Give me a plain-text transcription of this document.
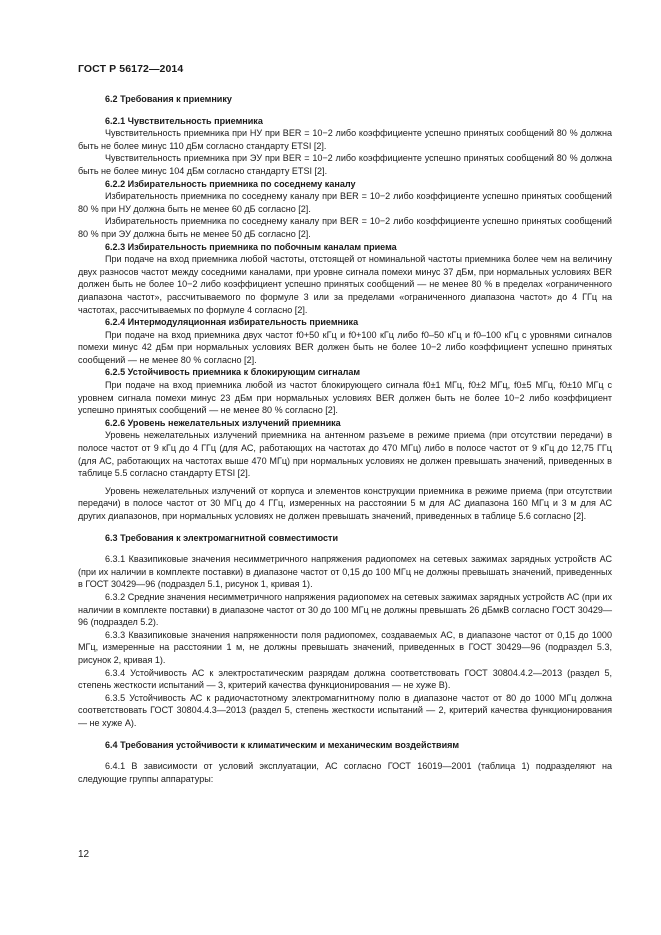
ГОСТ Р 56172—2014
6.2 Требования к приемнику
6.2.1 Чувствительность приемника

Чувствительность приемника при НУ при BER = 10−2 либо коэффициенте успешно принятых сообщений 80 % должна быть не более минус 110 дБм согласно стандарту ETSI [2].

Чувствительность приемника при ЭУ при BER = 10−2 либо коэффициенте успешно принятых сообщений 80 % должна быть не более минус 104 дБм согласно стандарту ETSI [2].

6.2.2 Избирательность приемника по соседнему каналу

Избирательность приемника по соседнему каналу при BER = 10−2 либо коэффициенте успешно принятых сообщений 80 % при НУ должна быть не менее 60 дБ согласно [2].

Избирательность приемника по соседнему каналу при BER = 10−2 либо коэффициенте успешно принятых сообщений 80 % при ЭУ должна быть не менее 50 дБ согласно [2].

6.2.3 Избирательность приемника по побочным каналам приема

При подаче на вход приемника любой частоты, отстоящей от номинальной частоты приемника более чем на величину двух разносов частот между соседними каналами, при уровне сигнала помехи минус 37 дБм, при нормальных условиях BER должен быть не более 10−2 либо коэффициент успешно принятых сообщений — не менее 80 % в пределах «ограниченного диапазона частот», рассчитываемого по формуле 3 или за пределами «ограниченного диапазона частот» до 4 ГГц на частотах, рассчитываемых по формуле 4 согласно [2].

6.2.4 Интермодуляционная избирательность приемника

При подаче на вход приемника двух частот f0+50 кГц и f0+100 кГц либо f0–50 кГц и f0–100 кГц с уровнями сигналов помехи минус 42 дБм при нормальных условиях BER должен быть не более 10−2 либо коэффициент успешно принятых сообщений — не менее 80 % согласно [2].

6.2.5 Устойчивость приемника к блокирующим сигналам

При подаче на вход приемника любой из частот блокирующего сигнала f0±1 МГц, f0±2 МГц, f0±5 МГц, f0±10 МГц с уровнем сигнала помехи минус 23 дБм при нормальных условиях BER должен быть не более 10−2 либо коэффициент успешно принятых сообщений — не менее 80 % согласно [2].

6.2.6 Уровень нежелательных излучений приемника

Уровень нежелательных излучений приемника на антенном разъеме в режиме приема (при отсутствии передачи) в полосе частот от 9 кГц до 4 ГГц (для АС, работающих на частотах до 470 МГц) либо в полосе частот от 9 кГц до 12,75 ГГц (для АС, работающих на частотах выше 470 МГц) при нормальных условиях не должен превышать значений, приведенных в таблице 5.5 согласно стандарту ETSI [2].

Уровень нежелательных излучений от корпуса и элементов конструкции приемника в режиме приема (при отсутствии передачи) в полосе частот от 30 МГц до 4 ГГц, измеренных на расстоянии 5 м для АС диапазона 160 МГц и 3 м для АС других диапазонов, при нормальных условиях не должен превышать значений, приведенных в таблице 5.6 согласно [2].

6.3 Требования к электромагнитной совместимости

6.3.1 Квазипиковые значения несимметричного напряжения радиопомех на сетевых зажимах зарядных устройств АС (при их наличии в комплекте поставки) в диапазоне частот от 0,15 до 100 МГц не должны превышать значений, приведенных в ГОСТ 30429—96 (подраздел 5.1, рисунок 1, кривая 1).

6.3.2 Средние значения несимметричного напряжения радиопомех на сетевых зажимах зарядных устройств АС (при их наличии в комплекте поставки) в диапазоне частот от 30 до 100 МГц не должны превышать 26 дБмкВ согласно ГОСТ 30429—96 (подраздел 5.2).

6.3.3 Квазипиковые значения напряженности поля радиопомех, создаваемых АС, в диапазоне частот от 0,15 до 1000 МГц, измеренные на расстоянии 1 м, не должны превышать значений, приведенных в ГОСТ 30429—96 (подраздел 5.3, рисунок 2, кривая 1).

6.3.4 Устойчивость АС к электростатическим разрядам должна соответствовать ГОСТ 30804.4.2—2013 (раздел 5, степень жесткости испытаний — 3, критерий качества функционирования — не хуже В).

6.3.5 Устойчивость АС к радиочастотному электромагнитному полю в диапазоне частот от 80 до 1000 МГц должна соответствовать ГОСТ 30804.4.3—2013 (раздел 5, степень жесткости испытаний — 2, критерий качества функционирования — не хуже А).

6.4 Требования устойчивости к климатическим и механическим воздействиям

6.4.1 В зависимости от условий эксплуатации, АС согласно ГОСТ 16019—2001 (таблица 1) подразделяют на следующие группы аппаратуры:

12
